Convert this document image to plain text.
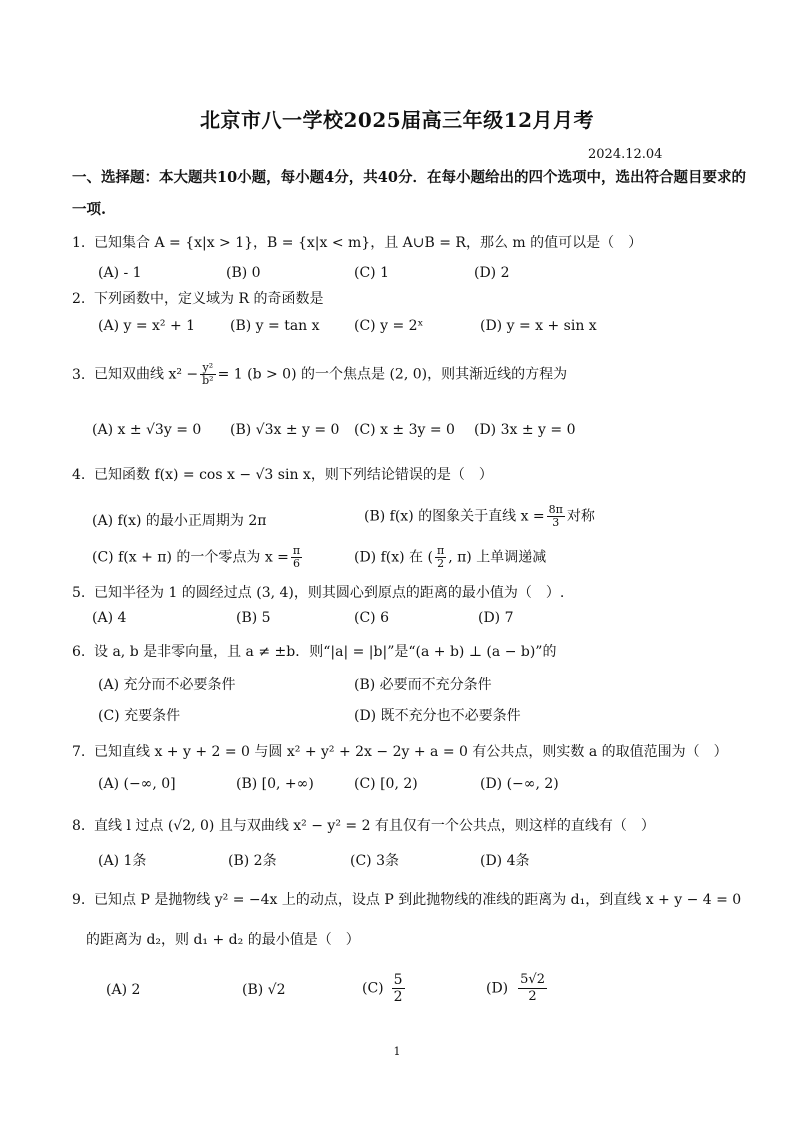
北京市八一学校2025届高三年级12月月考
2024.12.04
一、选择题：本大题共10小题，每小题4分，共40分．在每小题给出的四个选项中，选出符合题目要求的
一项.
1. 已知集合 A = {x|x > 1}，B = {x|x < m}，且 A∪B = R，那么 m 的值可以是（　）
(A) - 1	(B) 0	(C) 1	(D) 2
2. 下列函数中，定义域为 R 的奇函数是
(A) y = x² + 1 (B) y = tan x (C) y = 2ˣ	(D) y = x + sin x
3. 已知双曲线 $x^2 - \frac{\text{y²}}{\text{b²}} = 1$ (b > 0) 的一个焦点是 (2, 0)，则其渐近线的方程为
(A) x ± √3y = 0 (B) √3x ± y = 0 (C) x ± 3y = 0 (D) 3x ± y = 0
4. 已知函数 f(x) = cos x − √3 sin x，则下列结论错误的是（　）
(A) f(x) 的最小正周期为 2π	(B) f(x) 的图象关于直线 $x = \frac{8\pi}{3}$ 对称
(C) f(x + π) 的一个零点为 $x = \frac{\pi}{6}$	(D) f(x) 在 ( $\frac{\pi}{2}$ , π) 上单调递减
5. 已知半径为 1 的圆经过点 (3, 4)，则其圆心到原点的距离的最小值为（　）.
(A) 4	(B) 5	(C) 6	(D) 7
6. 设 a, b 是非零向量，且 a ≠ ±b．则“|a| = |b|”是“(a + b) ⊥ (a − b)”的
(A) 充分而不必要条件	(B) 必要而不充分条件
(C) 充要条件	(D) 既不充分也不必要条件
7. 已知直线 x + y + 2 = 0 与圆 x² + y² + 2x − 2y + a = 0 有公共点，则实数 a 的取值范围为（　）
(A) (−∞, 0]	(B) [0, +∞)	(C) [0, 2)	(D) (−∞, 2)
8. 直线 l 过点 (√2, 0) 且与双曲线 x² − y² = 2 有且仅有一个公共点，则这样的直线有（　）
(A) 1条	(B) 2条	(C) 3条	(D) 4条
9. 已知点 P 是抛物线 y² = −4x 上的动点，设点 P 到此抛物线的准线的距离为 d₁，到直线 x + y − 4 = 0
的距离为 d₂，则 d₁ + d₂ 的最小值是（　）
(A) 2	(B) √2	$(C) \frac{5}{2}$	$(D) \frac{5√2}{2}$
1
